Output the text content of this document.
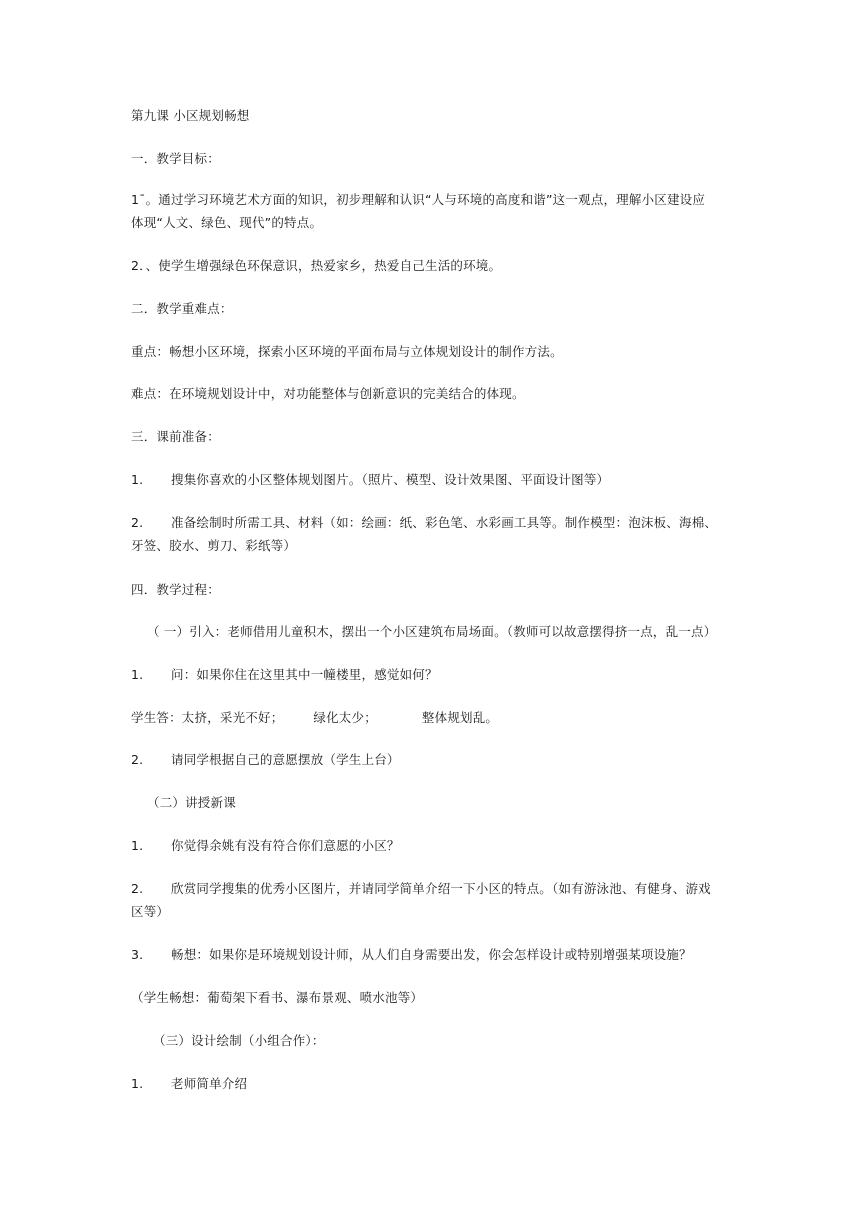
第九课 小区规划畅想
一．教学目标：
1ˉ。通过学习环境艺术方面的知识，初步理解和认识“人与环境的高度和谐”这一观点，理解小区建设应
体现“人文、绿色、现代”的特点。
2．、使学生增强绿色环保意识，热爱家乡，热爱自己生活的环境。
二．教学重难点：
重点：畅想小区环境，探索小区环境的平面布局与立体规划设计的制作方法。
难点：在环境规划设计中，对功能整体与创新意识的完美结合的体现。
三．课前准备：
1. 搜集你喜欢的小区整体规划图片。（照片、模型、设计效果图、平面设计图等）
2. 准备绘制时所需工具、材料（如：绘画：纸、彩色笔、水彩画工具等。制作模型：泡沫板、海棉、
牙签、胶水、剪刀、彩纸等）
四．教学过程：
（ 一）引入：老师借用儿童积木，摆出一个小区建筑布局场面。（教师可以故意摆得挤一点，乱一点）
1. 问：如果你住在这里其中一幢楼里，感觉如何？
学生答：太挤，采光不好； 绿化太少；	整体规划乱。
2. 请同学根据自己的意愿摆放（学生上台）
（二）讲授新课
1. 你觉得余姚有没有符合你们意愿的小区？
2. 欣赏同学搜集的优秀小区图片，并请同学简单介绍一下小区的特点。（如有游泳池、有健身、游戏
区等）
3. 畅想：如果你是环境规划设计师，从人们自身需要出发，你会怎样设计或特别增强某项设施？
（学生畅想：葡萄架下看书、瀑布景观、喷水池等）
（三）设计绘制（小组合作）：
1. 老师简单介绍
